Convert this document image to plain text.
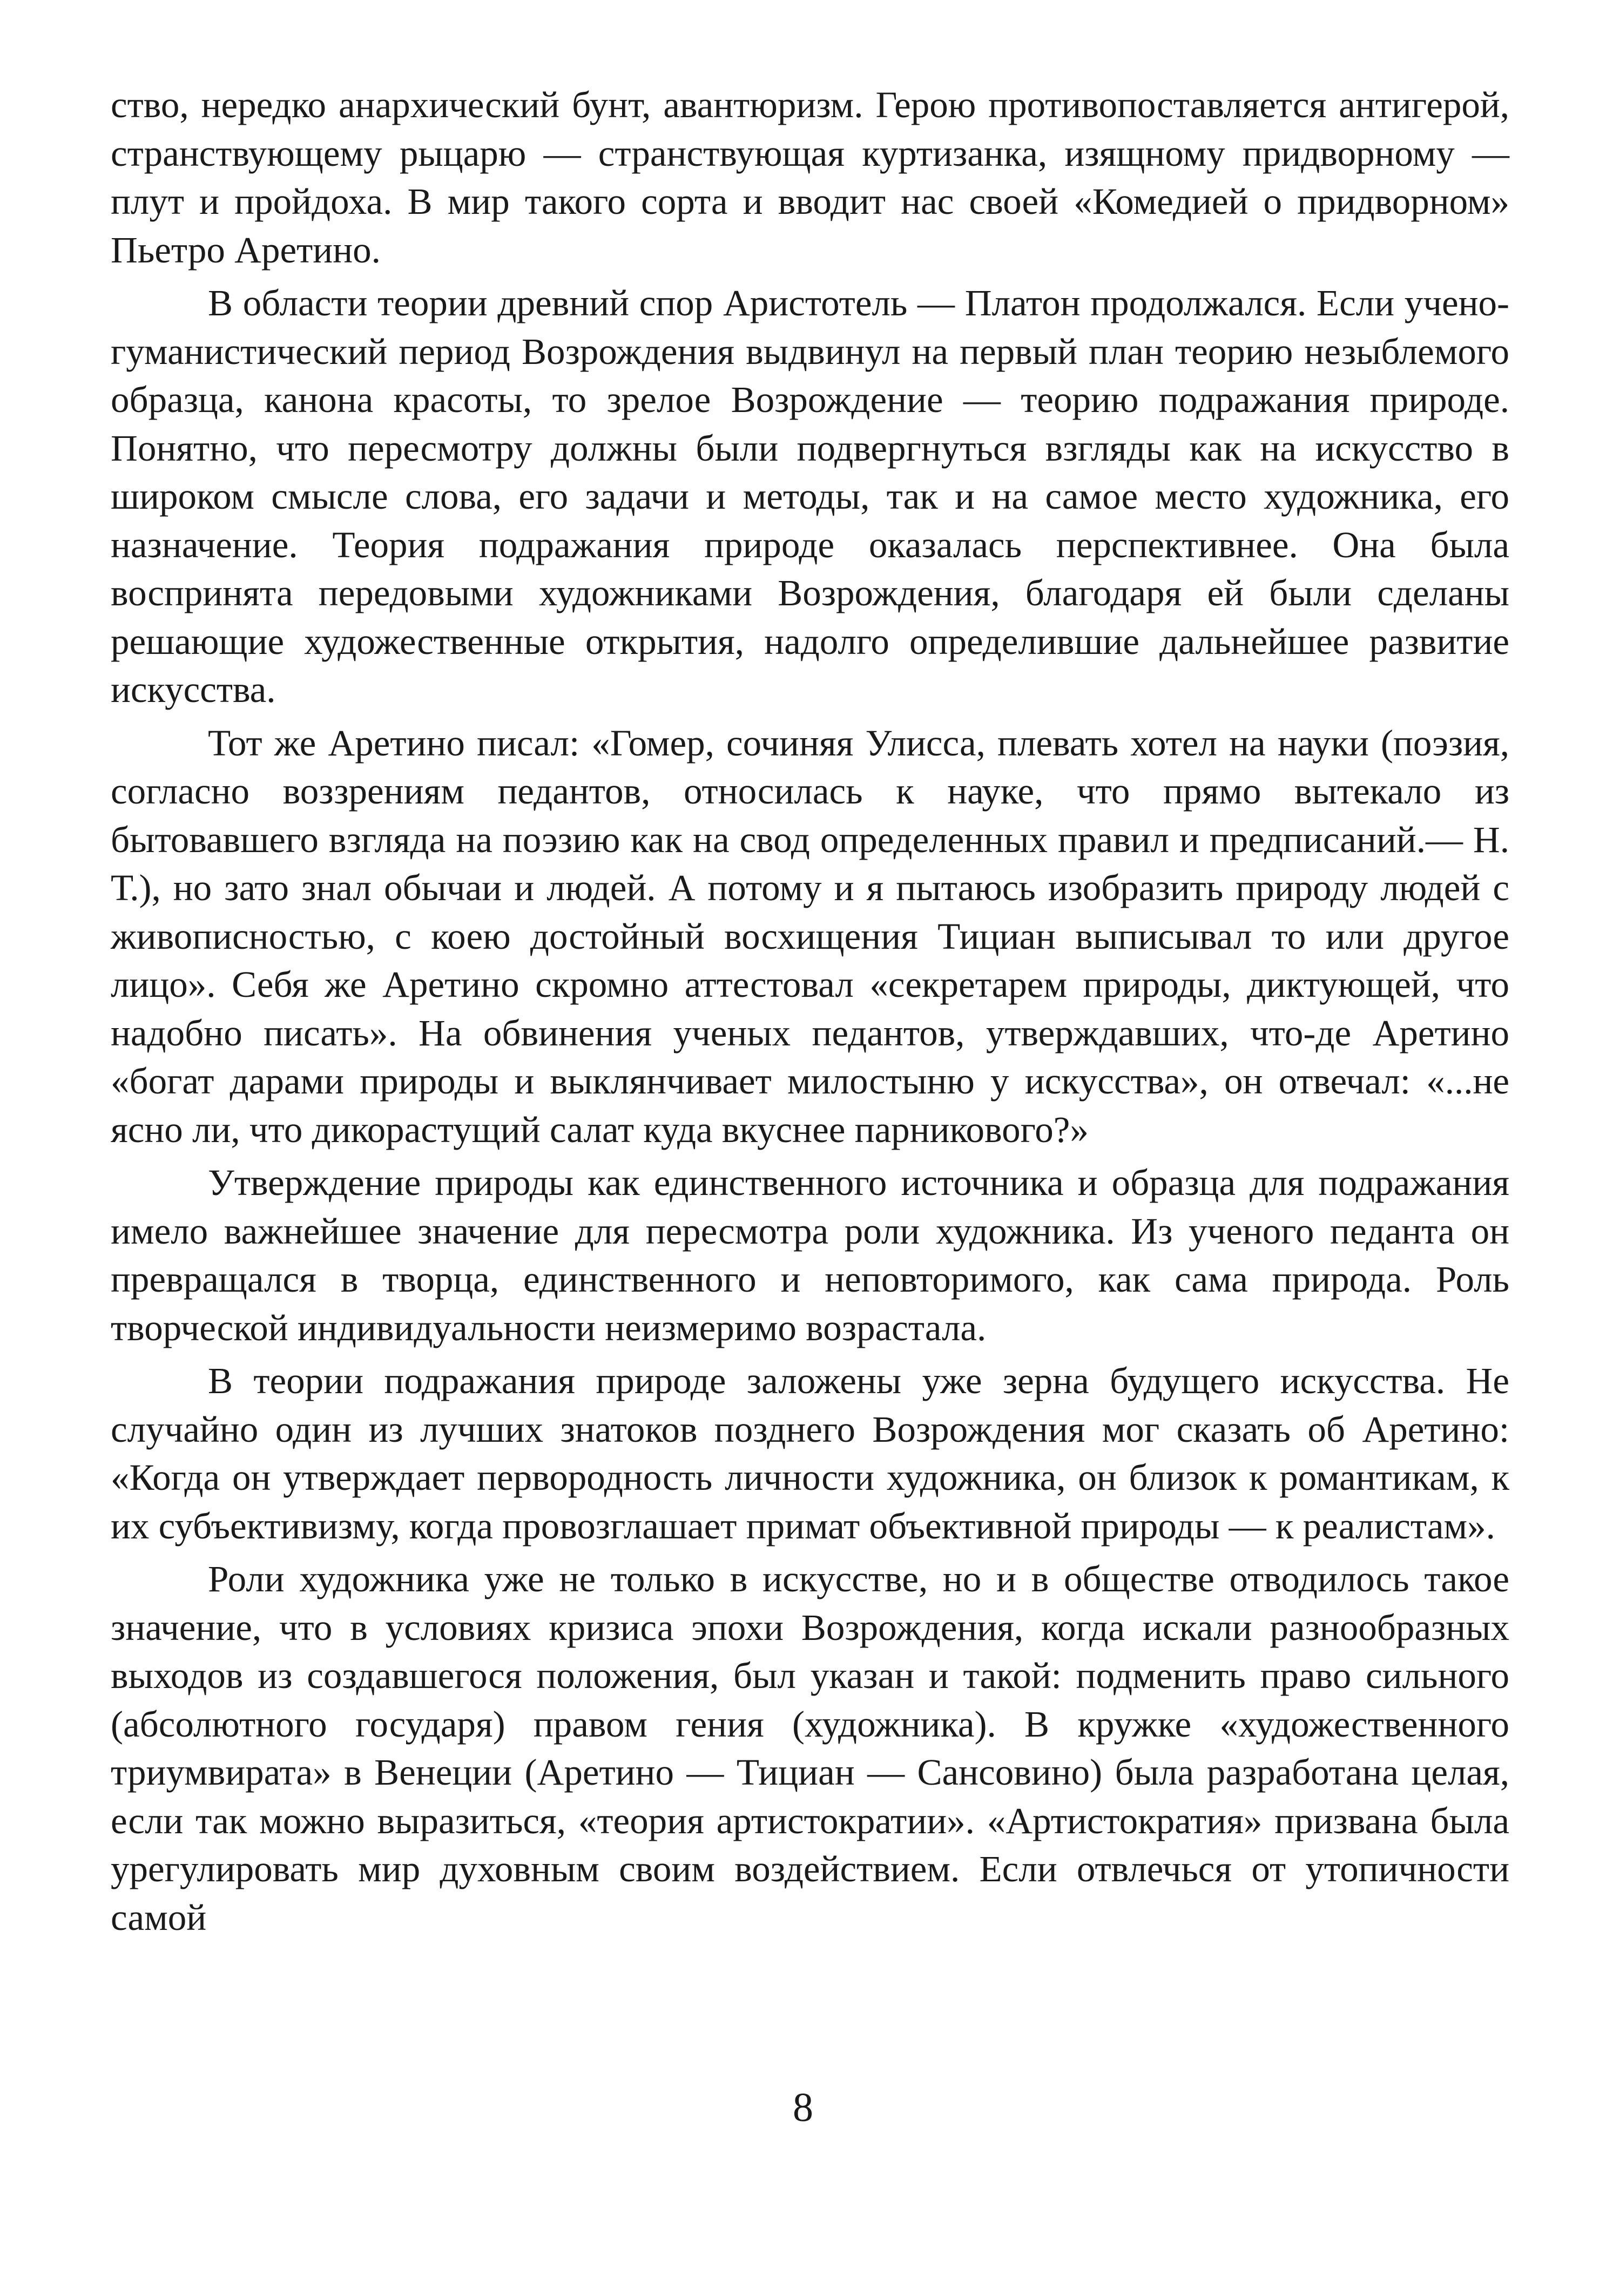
ство, нередко анархический бунт, авантюризм. Герою противопоставляется антигерой, странствующему рыцарю — странствующая куртизанка, изящному придворному — плут и пройдоха. В мир такого сорта и вводит нас своей «Комедией о придворном» Пьетро Аретино.

В области теории древний спор Аристотель — Платон продолжался. Если учено-гуманистический период Возрождения выдвинул на первый план теорию незыблемого образца, канона красоты, то зрелое Возрождение — теорию подражания природе. Понятно, что пересмотру должны были подвергнуться взгляды как на искусство в широком смысле слова, его задачи и методы, так и на самое место художника, его назначение. Теория подражания природе оказалась перспективнее. Она была воспринята передовыми художниками Возрождения, благодаря ей были сделаны решающие художественные открытия, надолго определившие дальнейшее развитие искусства.

Тот же Аретино писал: «Гомер, сочиняя Улисса, плевать хотел на науки (поэзия, согласно воззрениям педантов, относилась к науке, что прямо вытекало из бытовавшего взгляда на поэзию как на свод определенных правил и предписаний.— Н. Т.), но зато знал обычаи и людей. А потому и я пытаюсь изобразить природу людей с живописностью, с коею достойный восхищения Тициан выписывал то или другое лицо». Себя же Аретино скромно аттестовал «секретарем природы, диктующей, что надобно писать». На обвинения ученых педантов, утверждавших, что-де Аретино «богат дарами природы и выклянчивает милостыню у искусства», он отвечал: «...не ясно ли, что дикорастущий салат куда вкуснее парникового?»

Утверждение природы как единственного источника и образца для подражания имело важнейшее значение для пересмотра роли художника. Из ученого педанта он превращался в творца, единственного и неповторимого, как сама природа. Роль творческой индивидуальности неизмеримо возрастала.

В теории подражания природе заложены уже зерна будущего искусства. Не случайно один из лучших знатоков позднего Возрождения мог сказать об Аретино: «Когда он утверждает первородность личности художника, он близок к романтикам, к их субъективизму, когда провозглашает примат объективной природы — к реалистам».

Роли художника уже не только в искусстве, но и в обществе отводилось такое значение, что в условиях кризиса эпохи Возрождения, когда искали разнообразных выходов из создавшегося положения, был указан и такой: подменить право сильного (абсолютного государя) правом гения (художника). В кружке «художественного триумвирата» в Венеции (Аретино — Тициан — Сансовино) была разработана целая, если так можно выразиться, «теория артистократии». «Артистократия» призвана была урегулировать мир духовным своим воздействием. Если отвлечься от утопичности самой

8
